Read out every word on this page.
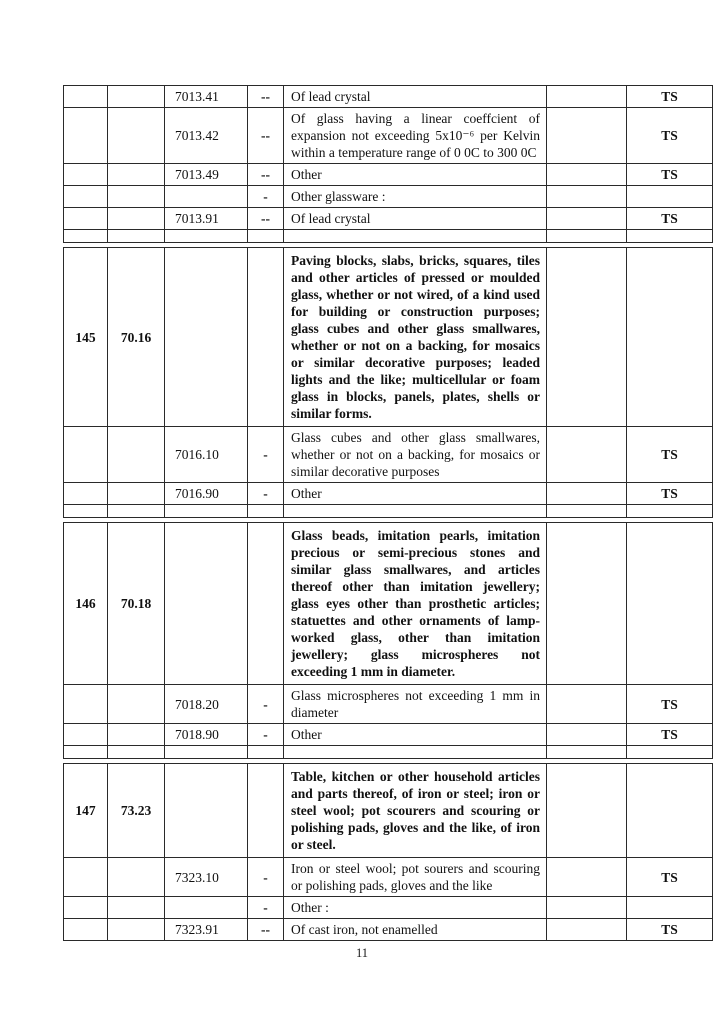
		7013.41	--	Of lead crystal		TS
		7013.42	--	Of glass having a linear coeffcient of expansion not exceeding 5x10⁻⁶ per Kelvin within a temperature range of 0 0C to 300 0C		TS
		7013.49	--	Other		TS
			-	Other glassware :		
		7013.91	--	Of lead crystal		TS

145	70.16			Paving blocks, slabs, bricks, squares, tiles and other articles of pressed or moulded glass, whether or not wired, of a kind used for building or construction purposes; glass cubes and other glass smallwares, whether or not on a backing, for mosaics or similar decorative purposes; leaded lights and the like; multicellular or foam glass in blocks, panels, plates, shells or similar forms.		
		7016.10	-	Glass cubes and other glass smallwares, whether or not on a backing, for mosaics or similar decorative purposes		TS
		7016.90	-	Other		TS

146	70.18			Glass beads, imitation pearls, imitation precious or semi-precious stones and similar glass smallwares, and articles thereof other than imitation jewellery; glass eyes other than prosthetic articles; statuettes and other ornaments of lamp-worked glass, other than imitation jewellery; glass microspheres not exceeding 1 mm in diameter.		
		7018.20	-	Glass microspheres not exceeding 1 mm in diameter		TS
		7018.90	-	Other		TS

147	73.23			Table, kitchen or other household articles and parts thereof, of iron or steel; iron or steel wool; pot scourers and scouring or polishing pads, gloves and the like, of iron or steel.		
		7323.10	-	Iron or steel wool; pot sourers and scouring or polishing pads, gloves and the like		TS
			-	Other :		
		7323.91	--	Of cast iron, not enamelled		TS
11
